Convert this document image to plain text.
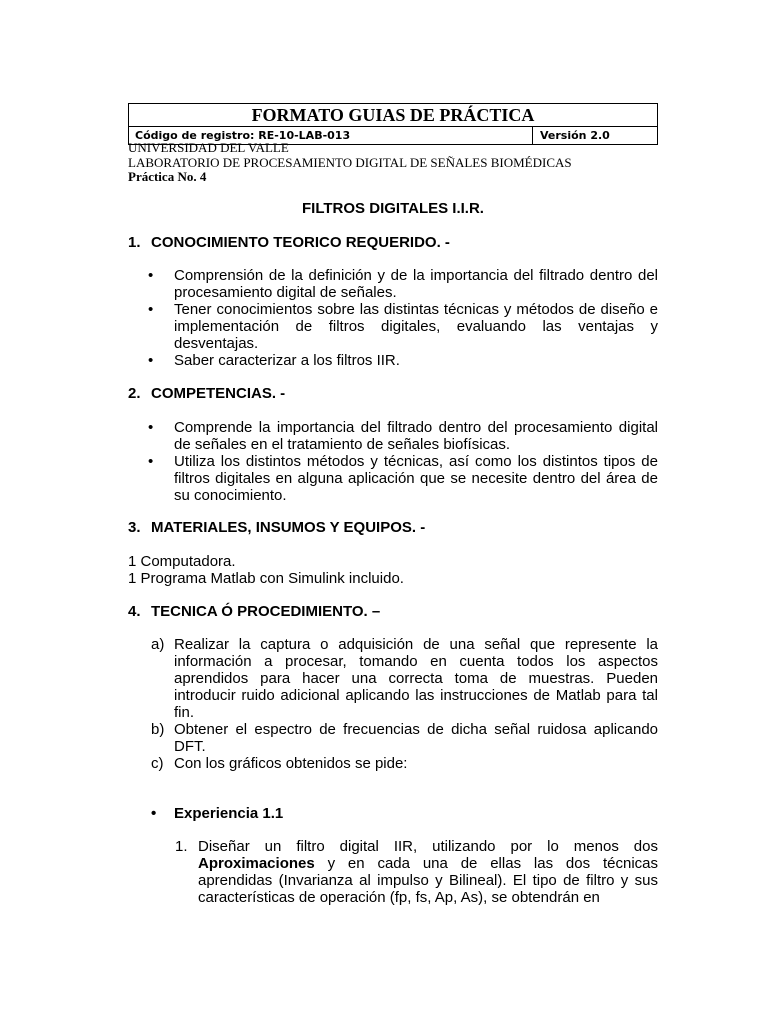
FORMATO GUIAS DE PRÁCTICA
Código de registro: RE-10-LAB-013	Versión 2.0
UNIVERSIDAD DEL VALLE
LABORATORIO DE PROCESAMIENTO DIGITAL DE SEÑALES BIOMÉDICAS
Práctica No. 4
FILTROS DIGITALES I.I.R.
1. CONOCIMIENTO TEORICO REQUERIDO. -
•	Comprensión de la definición y de la importancia del filtrado dentro del procesamiento digital de señales.
•	Tener conocimientos sobre las distintas técnicas y métodos de diseño e implementación de filtros digitales, evaluando las ventajas y desventajas.
•	Saber caracterizar a los filtros IIR.
2. COMPETENCIAS. -
•	Comprende la importancia del filtrado dentro del procesamiento digital de señales en el tratamiento de señales biofísicas.
•	Utiliza los distintos métodos y técnicas, así como los distintos tipos de filtros digitales en alguna aplicación que se necesite dentro del área de su conocimiento.
3. MATERIALES, INSUMOS Y EQUIPOS. -
1 Computadora.
1 Programa Matlab con Simulink incluido.
4. TECNICA Ó PROCEDIMIENTO. –
a) Realizar la captura o adquisición de una señal que represente la información a procesar, tomando en cuenta todos los aspectos aprendidos para hacer una correcta toma de muestras. Pueden introducir ruido adicional aplicando las instrucciones de Matlab para tal fin.
b) Obtener el espectro de frecuencias de dicha señal ruidosa aplicando DFT.
c) Con los gráficos obtenidos se pide:
•	Experiencia 1.1
1. Diseñar un filtro digital IIR, utilizando por lo menos dos Aproximaciones y en cada una de ellas las dos técnicas aprendidas (Invarianza al impulso y Bilineal). El tipo de filtro y sus características de operación (fp, fs, Ap, As), se obtendrán en
